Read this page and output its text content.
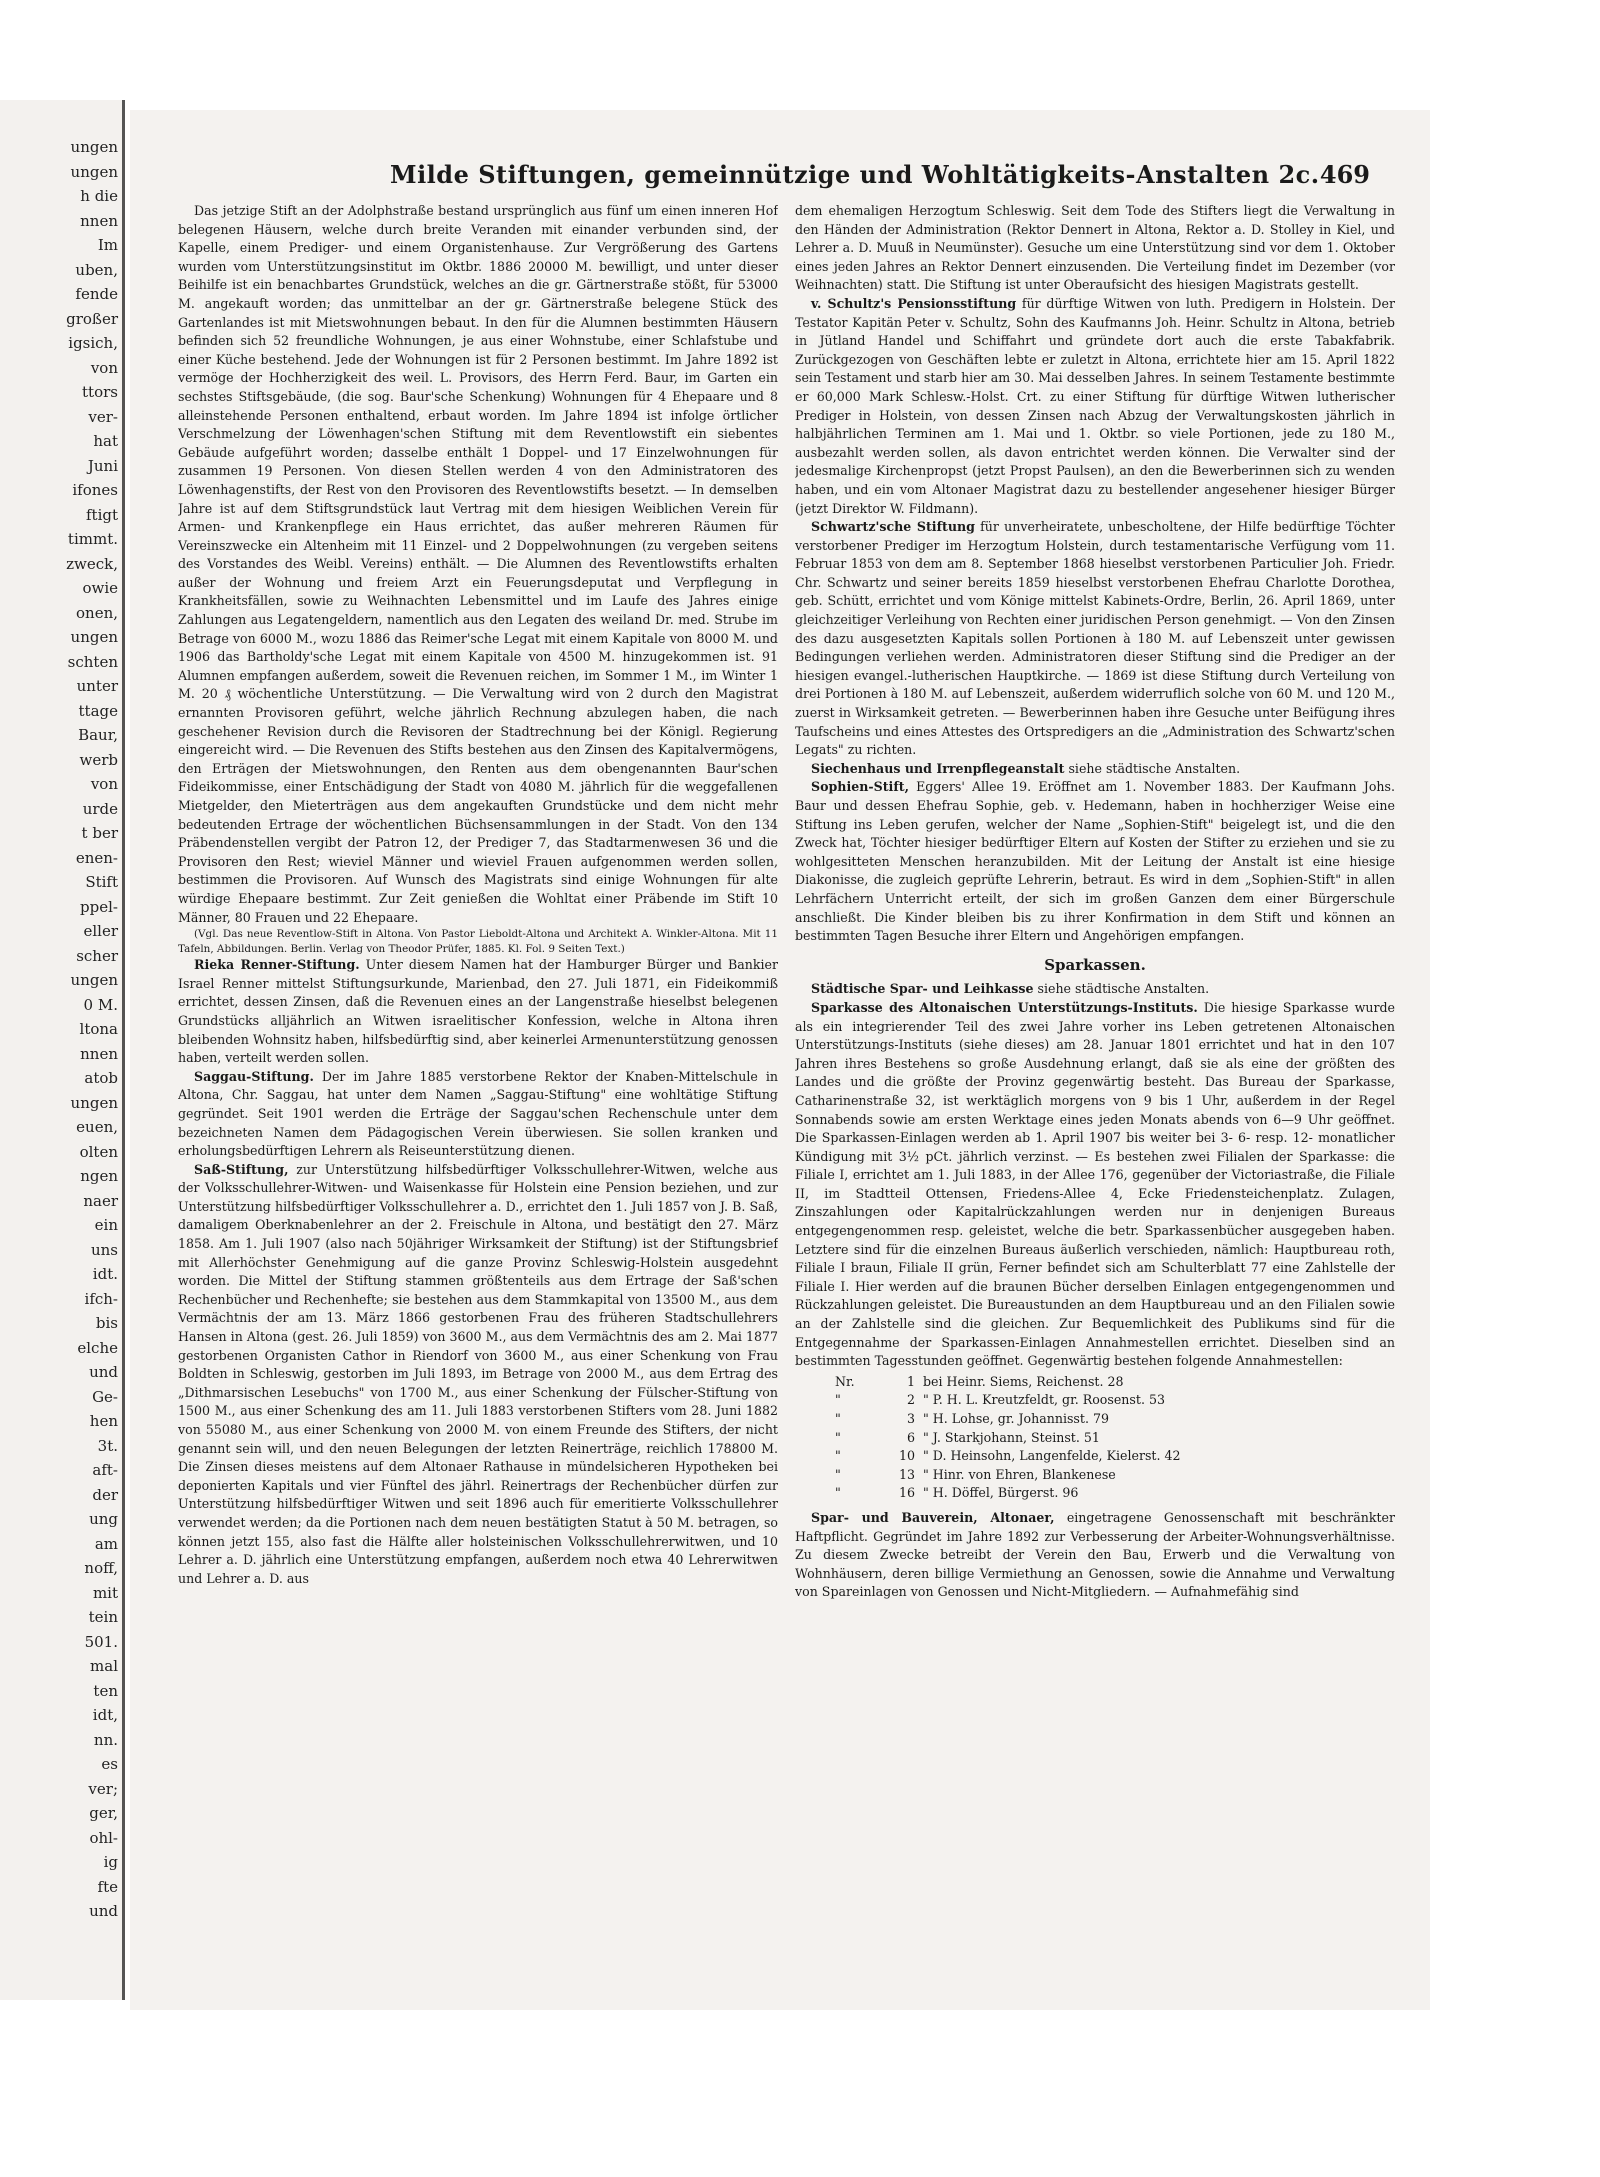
ungen
ungen
h die
nnen
Im
uben,
fende
großer
igsich,
von
ttors
ver-
hat
Juni
ifones
ftigt
timmt.
zweck,
owie
onen,
ungen
schten
unter
ttage
Baur,
werb
von
urde
t ber
enen-
Stift
ppel-
eller
scher
ungen
0 M.
ltona
nnen
atob
ungen
euen,
olten
ngen
naer
ein
uns
idt.
ifch-
bis
elche
und
Ge-
hen
3t.
aft-
der
ung
am
noff,
mit
tein
501.
mal
ten
idt,
nn.
es
ver;
ger,
ohl-
ig
fte
und
Milde Stiftungen, gemeinnützige und Wohltätigkeits-Anstalten 2c. 469

Das jetzige Stift an der Adolphstraße bestand ursprünglich aus fünf um einen inneren Hof belegenen Häusern, welche durch breite Veranden mit einander verbunden sind, der Kapelle, einem Prediger- und einem Organistenhause. Zur Vergrößerung des Gartens wurden vom Unterstützungsinstitut im Oktbr. 1886 20000 M. bewilligt, und unter dieser Beihilfe ist ein benachbartes Grundstück, welches an die gr. Gärtnerstraße stößt, für 53000 M. angekauft worden; das unmittelbar an der gr. Gärtnerstraße belegene Stück des Gartenlandes ist mit Mietswohnungen bebaut. In den für die Alumnen bestimmten Häusern befinden sich 52 freundliche Wohnungen, je aus einer Wohnstube, einer Schlafstube und einer Küche bestehend. Jede der Wohnungen ist für 2 Personen bestimmt. Im Jahre 1892 ist vermöge der Hochherzigkeit des weil. L. Provisors, des Herrn Ferd. Baur, im Garten ein sechstes Stiftsgebäude, (die sog. Baur'sche Schenkung) Wohnungen für 4 Ehepaare und 8 alleinstehende Personen enthaltend, erbaut worden. Im Jahre 1894 ist infolge örtlicher Verschmelzung der Löwenhagen'schen Stiftung mit dem Reventlowstift ein siebentes Gebäude aufgeführt worden; dasselbe enthält 1 Doppel- und 17 Einzelwohnungen für zusammen 19 Personen. Von diesen Stellen werden 4 von den Administratoren des Löwenhagenstifts, der Rest von den Provisoren des Reventlowstifts besetzt. — In demselben Jahre ist auf dem Stiftsgrundstück laut Vertrag mit dem hiesigen Weiblichen Verein für Armen- und Krankenpflege ein Haus errichtet, das außer mehreren Räumen für Vereinszwecke ein Altenheim mit 11 Einzel- und 2 Doppelwohnungen (zu vergeben seitens des Vorstandes des Weibl. Vereins) enthält. — Die Alumnen des Reventlowstifts erhalten außer der Wohnung und freiem Arzt ein Feuerungsdeputat und Verpflegung in Krankheitsfällen, sowie zu Weihnachten Lebensmittel und im Laufe des Jahres einige Zahlungen aus Legatengeldern, namentlich aus den Legaten des weiland Dr. med. Strube im Betrage von 6000 M., wozu 1886 das Reimer'sche Legat mit einem Kapitale von 8000 M. und 1906 das Bartholdy'sche Legat mit einem Kapitale von 4500 M. hinzugekommen ist. 91 Alumnen empfangen außerdem, soweit die Revenuen reichen, im Sommer 1 M., im Winter 1 M. 20 ₰ wöchentliche Unterstützung. — Die Verwaltung wird von 2 durch den Magistrat ernannten Provisoren geführt, welche jährlich Rechnung abzulegen haben, die nach geschehener Revision durch die Revisoren der Stadtrechnung bei der Königl. Regierung eingereicht wird. — Die Revenuen des Stifts bestehen aus den Zinsen des Kapitalvermögens, den Erträgen der Mietswohnungen, den Renten aus dem obengenannten Baur'schen Fideikommisse, einer Entschädigung der Stadt von 4080 M. jährlich für die weggefallenen Mietgelder, den Mieterträgen aus dem angekauften Grundstücke und dem nicht mehr bedeutenden Ertrage der wöchentlichen Büchsensammlungen in der Stadt. Von den 134 Präbendenstellen vergibt der Patron 12, der Prediger 7, das Stadtarmenwesen 36 und die Provisoren den Rest; wieviel Männer und wieviel Frauen aufgenommen werden sollen, bestimmen die Provisoren. Auf Wunsch des Magistrats sind einige Wohnungen für alte würdige Ehepaare bestimmt. Zur Zeit genießen die Wohltat einer Präbende im Stift 10 Männer, 80 Frauen und 22 Ehepaare.

(Vgl. Das neue Reventlow-Stift in Altona. Von Pastor Lieboldt-Altona und Architekt A. Winkler-Altona. Mit 11 Tafeln, Abbildungen. Berlin. Verlag von Theodor Prüfer, 1885. Kl. Fol. 9 Seiten Text.)

Rieka Renner-Stiftung. Unter diesem Namen hat der Hamburger Bürger und Bankier Israel Renner mittelst Stiftungsurkunde, Marienbad, den 27. Juli 1871, ein Fideikommiß errichtet, dessen Zinsen, daß die Revenuen eines an der Langenstraße hieselbst belegenen Grundstücks alljährlich an Witwen israelitischer Konfession, welche in Altona ihren bleibenden Wohnsitz haben, hilfsbedürftig sind, aber keinerlei Armenunterstützung genossen haben, verteilt werden sollen.

Saggau-Stiftung. Der im Jahre 1885 verstorbene Rektor der Knaben-Mittelschule in Altona, Chr. Saggau, hat unter dem Namen „Saggau-Stiftung" eine wohltätige Stiftung gegründet. Seit 1901 werden die Erträge der Saggau'schen Rechenschule unter dem bezeichneten Namen dem Pädagogischen Verein überwiesen. Sie sollen kranken und erholungsbedürftigen Lehrern als Reiseunterstützung dienen.

Saß-Stiftung, zur Unterstützung hilfsbedürftiger Volksschullehrer-Witwen, welche aus der Volksschullehrer-Witwen- und Waisenkasse für Holstein eine Pension beziehen, und zur Unterstützung hilfsbedürftiger Volksschullehrer a. D., errichtet den 1. Juli 1857 von J. B. Saß, damaligem Oberknabenlehrer an der 2. Freischule in Altona, und bestätigt den 27. März 1858. Am 1. Juli 1907 (also nach 50jähriger Wirksamkeit der Stiftung) ist der Stiftungsbrief mit Allerhöchster Genehmigung auf die ganze Provinz Schleswig-Holstein ausgedehnt worden. Die Mittel der Stiftung stammen größtenteils aus dem Ertrage der Saß'schen Rechenbücher und Rechenhefte; sie bestehen aus dem Stammkapital von 13500 M., aus dem Vermächtnis der am 13. März 1866 gestorbenen Frau des früheren Stadtschullehrers Hansen in Altona (gest. 26. Juli 1859) von 3600 M., aus dem Vermächtnis des am 2. Mai 1877 gestorbenen Organisten Cathor in Riendorf von 3600 M., aus einer Schenkung von Frau Boldten in Schleswig, gestorben im Juli 1893, im Betrage von 2000 M., aus dem Ertrag des „Dithmarsischen Lesebuchs" von 1700 M., aus einer Schenkung der Fülscher-Stiftung von 1500 M., aus einer Schenkung des am 11. Juli 1883 verstorbenen Stifters vom 28. Juni 1882 von 55080 M., aus einer Schenkung von 2000 M. von einem Freunde des Stifters, der nicht genannt sein will, und den neuen Belegungen der letzten Reinerträge, reichlich 178800 M. Die Zinsen dieses meistens auf dem Altonaer Rathause in mündelsicheren Hypotheken bei deponierten Kapitals und vier Fünftel des jährl. Reinertrags der Rechenbücher dürfen zur Unterstützung hilfsbedürftiger Witwen und seit 1896 auch für emeritierte Volksschullehrer verwendet werden; da die Portionen nach dem neuen bestätigten Statut à 50 M. betragen, so können jetzt 155, also fast die Hälfte aller holsteinischen Volksschullehrerwitwen, und 10 Lehrer a. D. jährlich eine Unterstützung empfangen, außerdem noch etwa 40 Lehrerwitwen und Lehrer a. D. aus

dem ehemaligen Herzogtum Schleswig. Seit dem Tode des Stifters liegt die Verwaltung in den Händen der Administration (Rektor Dennert in Altona, Rektor a. D. Stolley in Kiel, und Lehrer a. D. Muuß in Neumünster). Gesuche um eine Unterstützung sind vor dem 1. Oktober eines jeden Jahres an Rektor Dennert einzusenden. Die Verteilung findet im Dezember (vor Weihnachten) statt. Die Stiftung ist unter Oberaufsicht des hiesigen Magistrats gestellt.

v. Schultz's Pensionsstiftung für dürftige Witwen von luth. Predigern in Holstein. Der Testator Kapitän Peter v. Schultz, Sohn des Kaufmanns Joh. Heinr. Schultz in Altona, betrieb in Jütland Handel und Schiffahrt und gründete dort auch die erste Tabakfabrik. Zurückgezogen von Geschäften lebte er zuletzt in Altona, errichtete hier am 15. April 1822 sein Testament und starb hier am 30. Mai desselben Jahres. In seinem Testamente bestimmte er 60,000 Mark Schlesw.-Holst. Crt. zu einer Stiftung für dürftige Witwen lutherischer Prediger in Holstein, von dessen Zinsen nach Abzug der Verwaltungskosten jährlich in halbjährlichen Terminen am 1. Mai und 1. Oktbr. so viele Portionen, jede zu 180 M., ausbezahlt werden sollen, als davon entrichtet werden können. Die Verwalter sind der jedesmalige Kirchenpropst (jetzt Propst Paulsen), an den die Bewerberinnen sich zu wenden haben, und ein vom Altonaer Magistrat dazu zu bestellender angesehener hiesiger Bürger (jetzt Direktor W. Fildmann).

Schwartz'sche Stiftung für unverheiratete, unbescholtene, der Hilfe bedürftige Töchter verstorbener Prediger im Herzogtum Holstein, durch testamentarische Verfügung vom 11. Februar 1853 von dem am 8. September 1868 hieselbst verstorbenen Particulier Joh. Friedr. Chr. Schwartz und seiner bereits 1859 hieselbst verstorbenen Ehefrau Charlotte Dorothea, geb. Schütt, errichtet und vom Könige mittelst Kabinets-Ordre, Berlin, 26. April 1869, unter gleichzeitiger Verleihung von Rechten einer juridischen Person genehmigt. — Von den Zinsen des dazu ausgesetzten Kapitals sollen Portionen à 180 M. auf Lebenszeit unter gewissen Bedingungen verliehen werden. Administratoren dieser Stiftung sind die Prediger an der hiesigen evangel.-lutherischen Hauptkirche. — 1869 ist diese Stiftung durch Verteilung von drei Portionen à 180 M. auf Lebenszeit, außerdem widerruflich solche von 60 M. und 120 M., zuerst in Wirksamkeit getreten. — Bewerberinnen haben ihre Gesuche unter Beifügung ihres Taufscheins und eines Attestes des Ortspredigers an die „Administration des Schwartz'schen Legats" zu richten.

Siechenhaus und Irrenpflegeanstalt siehe städtische Anstalten.

Sophien-Stift, Eggers' Allee 19. Eröffnet am 1. November 1883. Der Kaufmann Johs. Baur und dessen Ehefrau Sophie, geb. v. Hedemann, haben in hochherziger Weise eine Stiftung ins Leben gerufen, welcher der Name „Sophien-Stift" beigelegt ist, und die den Zweck hat, Töchter hiesiger bedürftiger Eltern auf Kosten der Stifter zu erziehen und sie zu wohlgesitteten Menschen heranzubilden. Mit der Leitung der Anstalt ist eine hiesige Diakonisse, die zugleich geprüfte Lehrerin, betraut. Es wird in dem „Sophien-Stift" in allen Lehrfächern Unterricht erteilt, der sich im großen Ganzen dem einer Bürgerschule anschließt. Die Kinder bleiben bis zu ihrer Konfirmation in dem Stift und können an bestimmten Tagen Besuche ihrer Eltern und Angehörigen empfangen.

Sparkassen.

Städtische Spar- und Leihkasse siehe städtische Anstalten.

Sparkasse des Altonaischen Unterstützungs-Instituts. Die hiesige Sparkasse wurde als ein integrierender Teil des zwei Jahre vorher ins Leben getretenen Altonaischen Unterstützungs-Instituts (siehe dieses) am 28. Januar 1801 errichtet und hat in den 107 Jahren ihres Bestehens so große Ausdehnung erlangt, daß sie als eine der größten des Landes und die größte der Provinz gegenwärtig besteht. Das Bureau der Sparkasse, Catharinenstraße 32, ist werktäglich morgens von 9 bis 1 Uhr, außerdem in der Regel Sonnabends sowie am ersten Werktage eines jeden Monats abends von 6—9 Uhr geöffnet. Die Sparkassen-Einlagen werden ab 1. April 1907 bis weiter bei 3- 6- resp. 12- monatlicher Kündigung mit 3½ pCt. jährlich verzinst. — Es bestehen zwei Filialen der Sparkasse: die Filiale I, errichtet am 1. Juli 1883, in der Allee 176, gegenüber der Victoriastraße, die Filiale II, im Stadtteil Ottensen, Friedens-Allee 4, Ecke Friedensteichenplatz. Zulagen, Zinszahlungen oder Kapitalrückzahlungen werden nur in denjenigen Bureaus entgegengenommen resp. geleistet, welche die betr. Sparkassenbücher ausgegeben haben. Letztere sind für die einzelnen Bureaus äußerlich verschieden, nämlich: Hauptbureau roth, Filiale I braun, Filiale II grün, Ferner befindet sich am Schulterblatt 77 eine Zahlstelle der Filiale I. Hier werden auf die braunen Bücher derselben Einlagen entgegengenommen und Rückzahlungen geleistet. Die Bureaustunden an dem Hauptbureau und an den Filialen sowie an der Zahlstelle sind die gleichen. Zur Bequemlichkeit des Publikums sind für die Entgegennahme der Sparkassen-Einlagen Annahmestellen errichtet. Dieselben sind an bestimmten Tagesstunden geöffnet. Gegenwärtig bestehen folgende Annahmestellen:

Nr.	1 bei Heinr. Siems, Reichenst. 28
"	2 " P. H. L. Kreutzfeldt, gr. Roosenst. 53
"	3 " H. Lohse, gr. Johannisst. 79
"	6 " J. Starkjohann, Steinst. 51
"	10 " D. Heinsohn, Langenfelde, Kielerst. 42
"	13 " Hinr. von Ehren, Blankenese
"	16 " H. Döffel, Bürgerst. 96

Spar- und Bauverein, Altonaer, eingetragene Genossenschaft mit beschränkter Haftpflicht. Gegründet im Jahre 1892 zur Verbesserung der Arbeiter-Wohnungsverhältnisse. Zu diesem Zwecke betreibt der Verein den Bau, Erwerb und die Verwaltung von Wohnhäusern, deren billige Vermiethung an Genossen, sowie die Annahme und Verwaltung von Spareinlagen von Genossen und Nicht-Mitgliedern. — Aufnahmefähig sind
